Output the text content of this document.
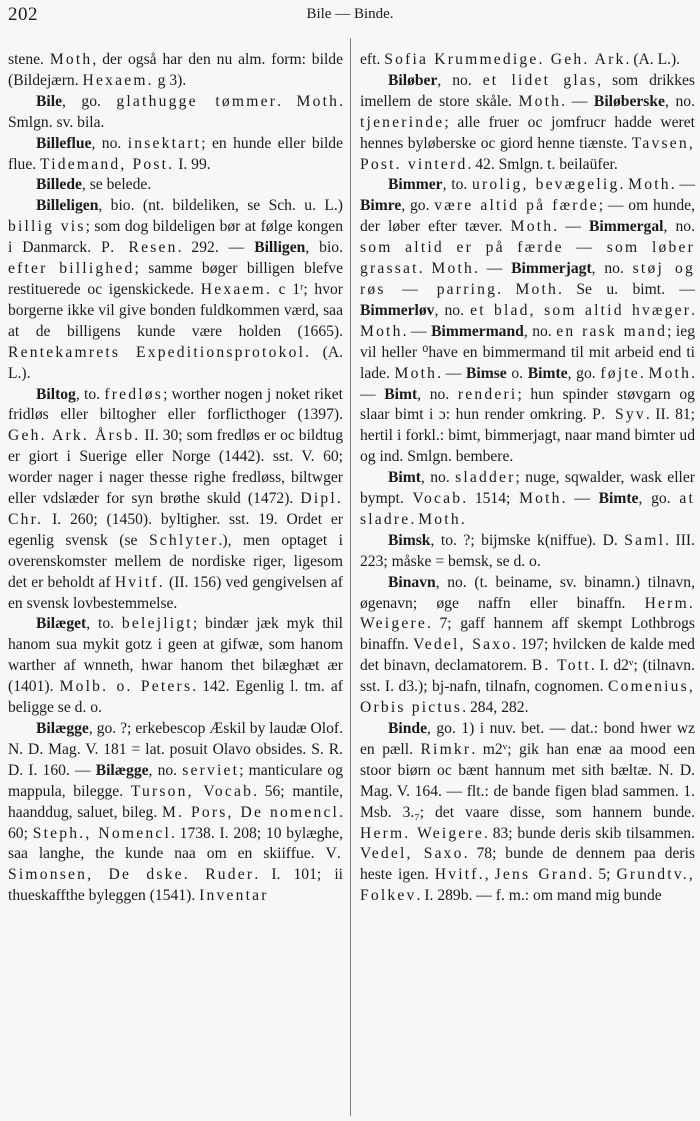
202	Bile — Binde.

stene. Moth, der også har den nu alm. form: bilde (Bildejærn. Hexaem. g 3).

Bile, go. glathugge tømmer. Moth. Smlgn. sv. bila.

Billeflue, no. insektart; en hunde eller bilde flue. Tidemand, Post. I. 99.

Billede, se belede.

Billeligen, bio. (nt. bildeliken, se Sch. u. L.) billig vis; som dog bildeligen bør at følge kongen i Danmarck. P. Resen. 292. — Billigen, bio. efter billighed; samme bøger billigen blefve restituerede oc igenskickede. Hexaem. c 1ʳ; hvor borgerne ikke vil give bonden fuldkommen værd, saa at de billigens kunde være holden (1665). Rentekamrets Expeditionsprotokol. (A. L.).

Biltog, to. fredløs; worther nogen j noket riket fridløs eller biltogher eller forflicthoger (1397). Geh. Ark. Årsb. II. 30; som fredløs er oc bildtug er giort i Suerige eller Norge (1442). sst. V. 60; worder nager i nager thesse righe fredløss, biltwger eller vdslæder for syn brøthe skuld (1472). Dipl. Chr. I. 260; (1450). byltigher. sst. 19. Ordet er egenlig svensk (se Schlyter.), men optaget i overenskomster mellem de nordiske riger, ligesom det er beholdt af Hvitf. (II. 156) ved gengivelsen af en svensk lovbestemmelse.

Bilæget, to. belejligt; bindær jæk myk thil hanom sua mykit gotz i geen at gifwæ, som hanom warther af wnneth, hwar hanom thet bilæghæt ær (1401). Molb. o. Peters. 142. Egenlig l. tm. af beligge se d. o.

Bilægge, go. ?; erkebescop Æskil by laudæ Olof. N. D. Mag. V. 181 = lat. posuit Olavo obsides. S. R. D. I. 160. — Bilægge, no. serviet; manticulare og mappula, bilegge. Turson, Vocab. 56; mantile, haanddug, saluet, bileg. M. Pors, De nomencl. 60; Steph., Nomencl. 1738. I. 208; 10 bylæghe, saa langhe, the kunde naa om en skiiffue. V. Simonsen, De dske. Ruder. I. 101; ii thueskaffthe byleggen (1541). Inventar

eft. Sofia Krummedige. Geh. Ark. (A. L.).

Biløber, no. et lidet glas, som drikkes imellem de store skåle. Moth. — Biløberske, no. tjenerinde; alle fruer oc jomfrucr hadde weret hennes byløberske oc giord henne tiænste. Tavsen, Post. vinterd. 42. Smlgn. t. beilaüfer.

Bimmer, to. urolig, bevægelig. Moth. — Bimre, go. være altid på færde; — om hunde, der løber efter tæver. Moth. — Bimmergal, no. som altid er på færde — som løber grassat. Moth. — Bimmerjagt, no. støj og røs — parring. Moth. Se u. bimt. — Bimmerløv, no. et blad, som altid hvæger. Moth. — Bimmermand, no. en rask mand; ieg vil heller ⁰have en bimmermand til mit arbeid end ti lade. Moth. — Bimse o. Bimte, go. føjte. Moth. — Bimt, no. renderi; hun spinder støvgarn og slaar bimt i ɔ: hun render omkring. P. Syv. II. 81; hertil i forkl.: bimt, bimmerjagt, naar mand bimter ud og ind. Smlgn. bembere.

Bimt, no. sladder; nuge, sqwalder, wask eller bympt. Vocab. 1514; Moth. — Bimte, go. at sladre. Moth.

Bimsk, to. ?; bijmske k(niffue). D. Saml. III. 223; måske = bemsk, se d. o.

Binavn, no. (t. beiname, sv. binamn.) tilnavn, øgenavn; øge naffn eller binaffn. Herm. Weigere. 7; gaff hannem aff skempt Lothbrogs binaffn. Vedel, Saxo. 197; hvilcken de kalde med det binavn, declamatorem. B. Tott. I. d2ᵛ; (tilnavn. sst. I. d3.); bj-nafn, tilnafn, cognomen. Comenius, Orbis pictus. 284, 282.

Binde, go. 1) i nuv. bet. — dat.: bond hwer wz en pæll. Rimkr. m2ᵛ; gik han enæ aa mood een stoor biørn oc bænt hannum met sith bæltæ. N. D. Mag. V. 164. — flt.: de bande figen blad sammen. 1. Msb. 3.₇; det vaare disse, som hannem bunde. Herm. Weigere. 83; bunde deris skib tilsammen. Vedel, Saxo. 78; bunde de dennem paa deris heste igen. Hvitf., Jens Grand. 5; Grundtv., Folkev. I. 289b. — f. m.: om mand mig bunde
